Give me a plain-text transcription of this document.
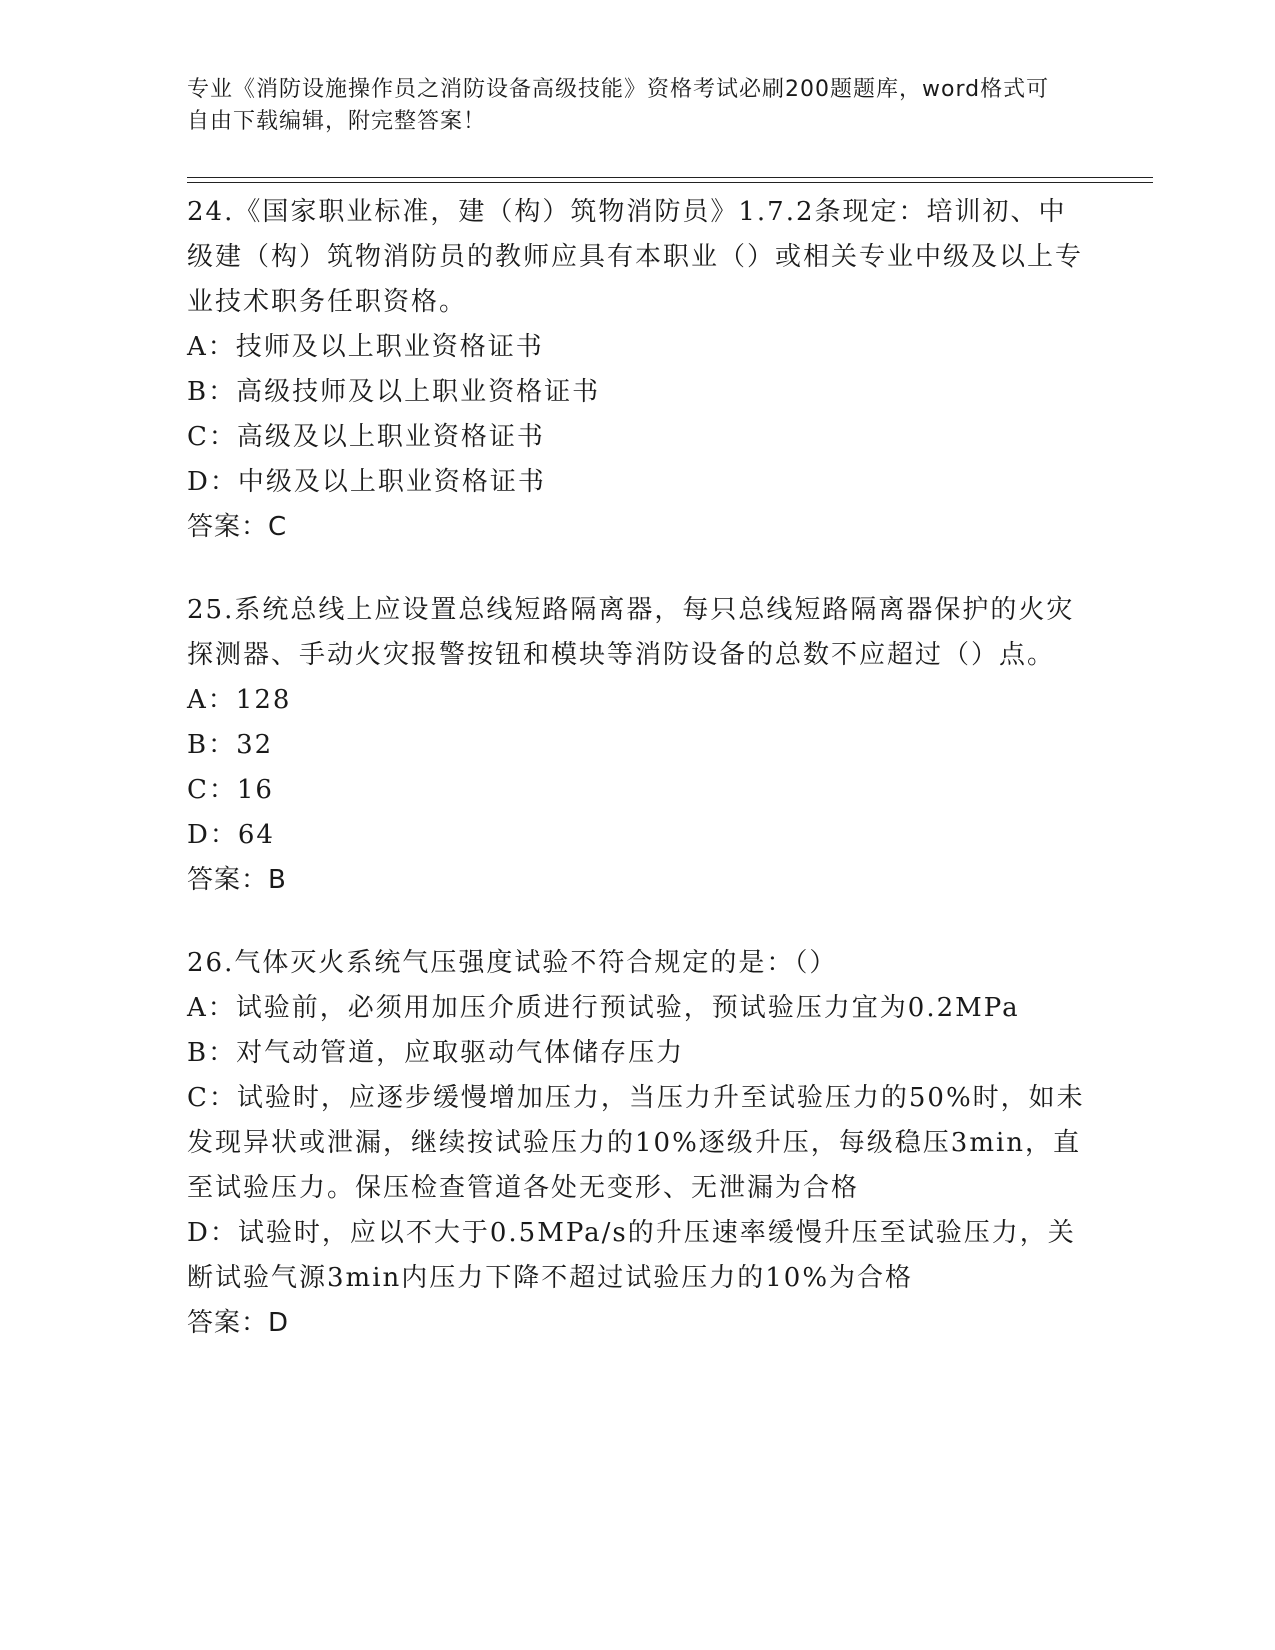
专业《消防设施操作员之消防设备高级技能》资格考试必刷200题题库，word格式可自由下载编辑，附完整答案！
24.《国家职业标准，建（构）筑物消防员》1.7.2条现定：培训初、中级建（构）筑物消防员的教师应具有本职业（）或相关专业中级及以上专业技术职务任职资格。
A：技师及以上职业资格证书
B：高级技师及以上职业资格证书
C：高级及以上职业资格证书
D：中级及以上职业资格证书
答案：C
25.系统总线上应设置总线短路隔离器，每只总线短路隔离器保护的火灾探测器、手动火灾报警按钮和模块等消防设备的总数不应超过（）点。
A：128
B：32
C：16
D：64
答案：B
26.气体灭火系统气压强度试验不符合规定的是：（）
A：试验前，必须用加压介质进行预试验，预试验压力宜为0.2MPa
B：对气动管道，应取驱动气体储存压力
C：试验时，应逐步缓慢增加压力，当压力升至试验压力的50%时，如未发现异状或泄漏，继续按试验压力的10%逐级升压，每级稳压3min，直至试验压力。保压检查管道各处无变形、无泄漏为合格
D：试验时，应以不大于0.5MPa/s的升压速率缓慢升压至试验压力，关断试验气源3min内压力下降不超过试验压力的10%为合格
答案：D
